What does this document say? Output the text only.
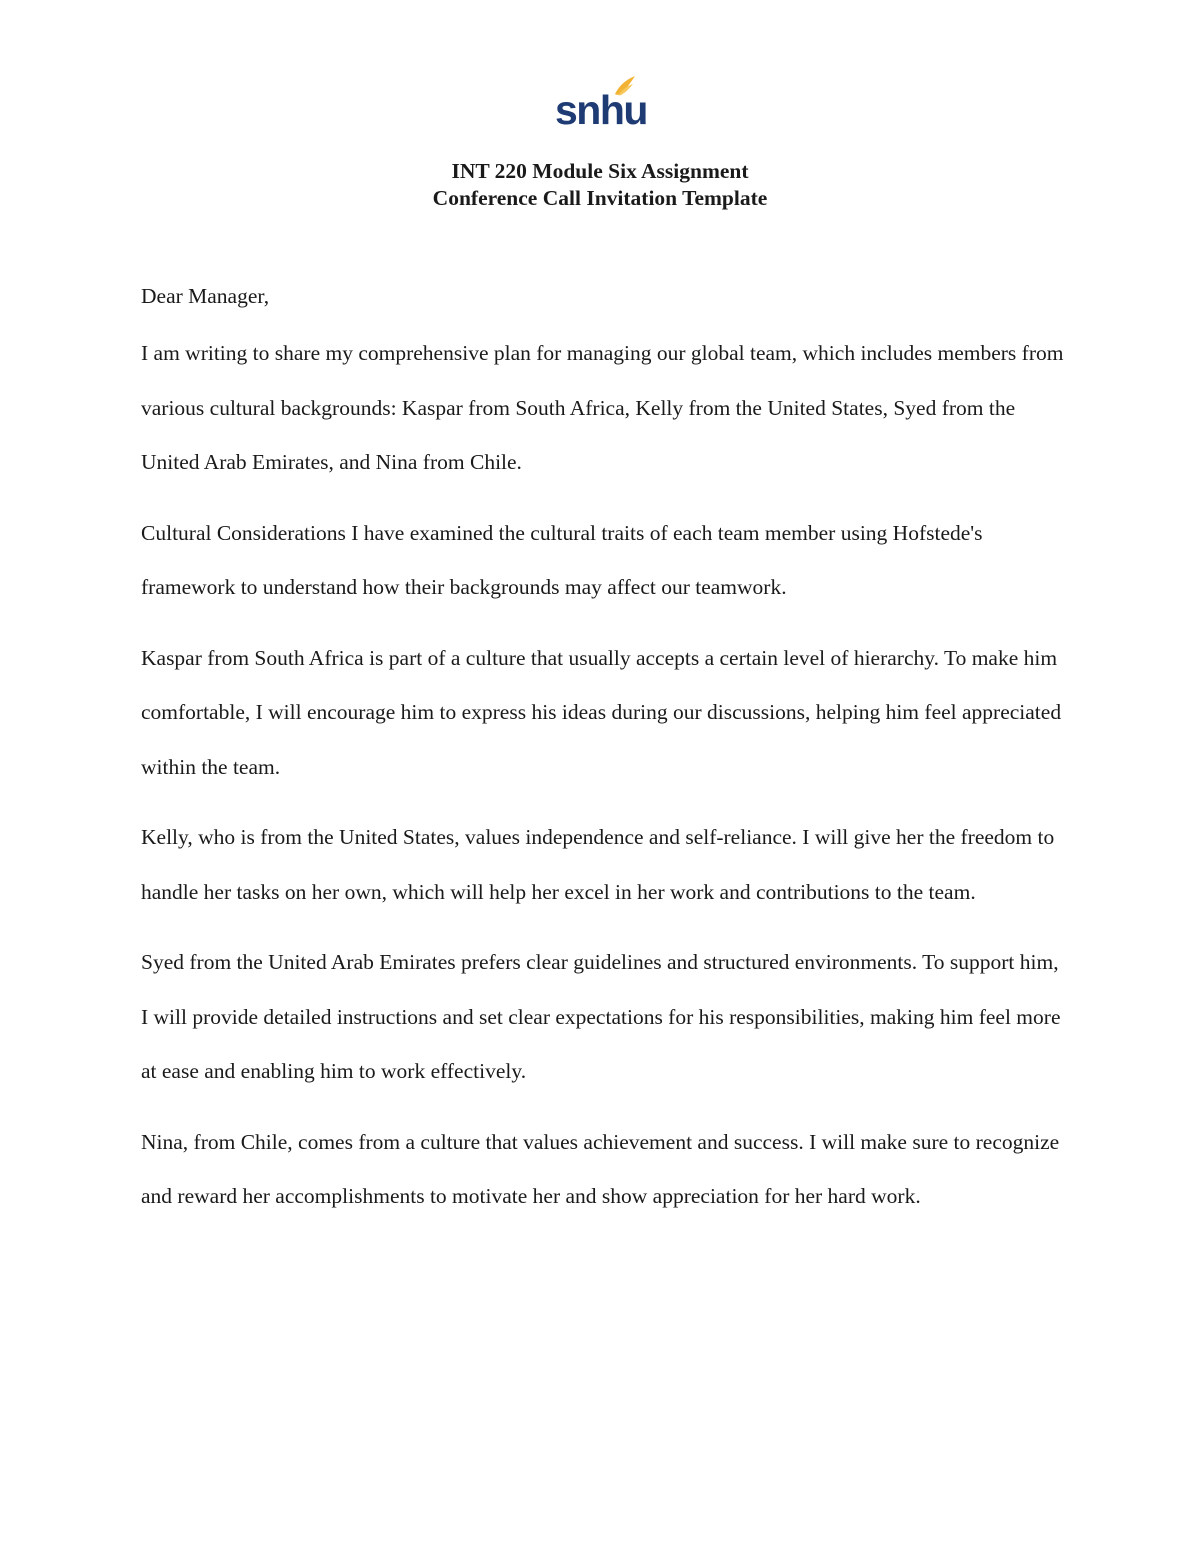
snhu
INT 220 Module Six Assignment
Conference Call Invitation Template

Dear Manager,

I am writing to share my comprehensive plan for managing our global team, which includes members from various cultural backgrounds: Kaspar from South Africa, Kelly from the United States, Syed from the United Arab Emirates, and Nina from Chile.

Cultural Considerations I have examined the cultural traits of each team member using Hofstede's framework to understand how their backgrounds may affect our teamwork.

Kaspar from South Africa is part of a culture that usually accepts a certain level of hierarchy. To make him comfortable, I will encourage him to express his ideas during our discussions, helping him feel appreciated within the team.

Kelly, who is from the United States, values independence and self-reliance. I will give her the freedom to handle her tasks on her own, which will help her excel in her work and contributions to the team.

Syed from the United Arab Emirates prefers clear guidelines and structured environments. To support him, I will provide detailed instructions and set clear expectations for his responsibilities, making him feel more at ease and enabling him to work effectively.

Nina, from Chile, comes from a culture that values achievement and success. I will make sure to recognize and reward her accomplishments to motivate her and show appreciation for her hard work.
